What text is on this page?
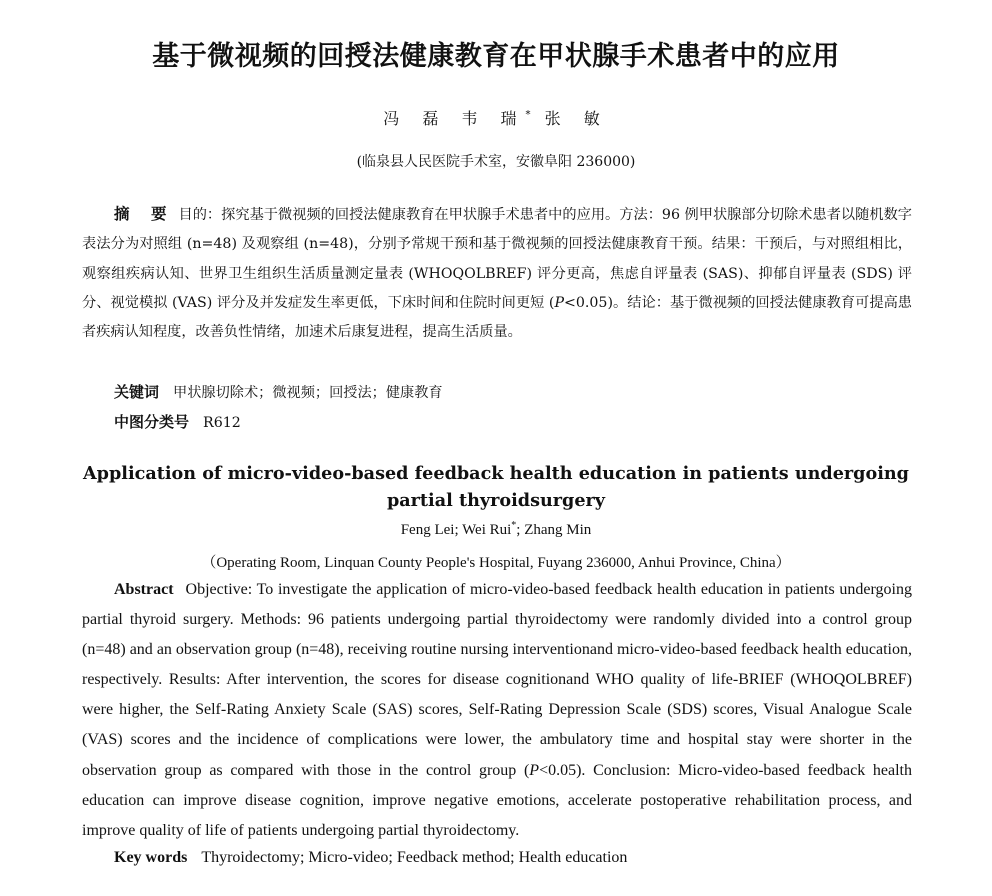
基于微视频的回授法健康教育在甲状腺手术患者中的应用
冯 磊 韦 瑞* 张 敏
(临泉县人民医院手术室，安徽阜阳 236000)

摘 要 目的：探究基于微视频的回授法健康教育在甲状腺手术患者中的应用。方法：96 例甲状腺部分切除术患者以随机数字表法分为对照组 (n=48) 及观察组 (n=48)，分别予常规干预和基于微视频的回授法健康教育干预。结果：干预后，与对照组相比，观察组疾病认知、世界卫生组织生活质量测定量表 (WHOQOLBREF) 评分更高，焦虑自评量表 (SAS)、抑郁自评量表 (SDS) 评分、视觉模拟 (VAS) 评分及并发症发生率更低，下床时间和住院时间更短 (P<0.05)。结论：基于微视频的回授法健康教育可提高患者疾病认知程度，改善负性情绪，加速术后康复进程，提高生活质量。

关键词 甲状腺切除术；微视频；回授法；健康教育
中图分类号 R612
Application of micro-video-based feedback health education in patients undergoing partial thyroidsurgery
Feng Lei; Wei Rui*; Zhang Min
（Operating Room, Linquan County People's Hospital, Fuyang 236000, Anhui Province, China）

Abstract Objective: To investigate the application of micro-video-based feedback health education in patients undergoing partial thyroid surgery. Methods: 96 patients undergoing partial thyroidectomy were randomly divided into a control group (n=48) and an observation group (n=48), receiving routine nursing interventionand micro-video-based feedback health education, respectively. Results: After intervention, the scores for disease cognitionand WHO quality of life-BRIEF (WHOQOLBREF) were higher, the Self-Rating Anxiety Scale (SAS) scores, Self-Rating Depression Scale (SDS) scores, Visual Analogue Scale (VAS) scores and the incidence of complications were lower, the ambulatory time and hospital stay were shorter in the observation group as compared with those in the control group (P<0.05). Conclusion: Micro-video-based feedback health education can improve disease cognition, improve negative emotions, accelerate postoperative rehabilitation process, and improve quality of life of patients undergoing partial thyroidectomy.

Key words Thyroidectomy; Micro-video; Feedback method; Health education
